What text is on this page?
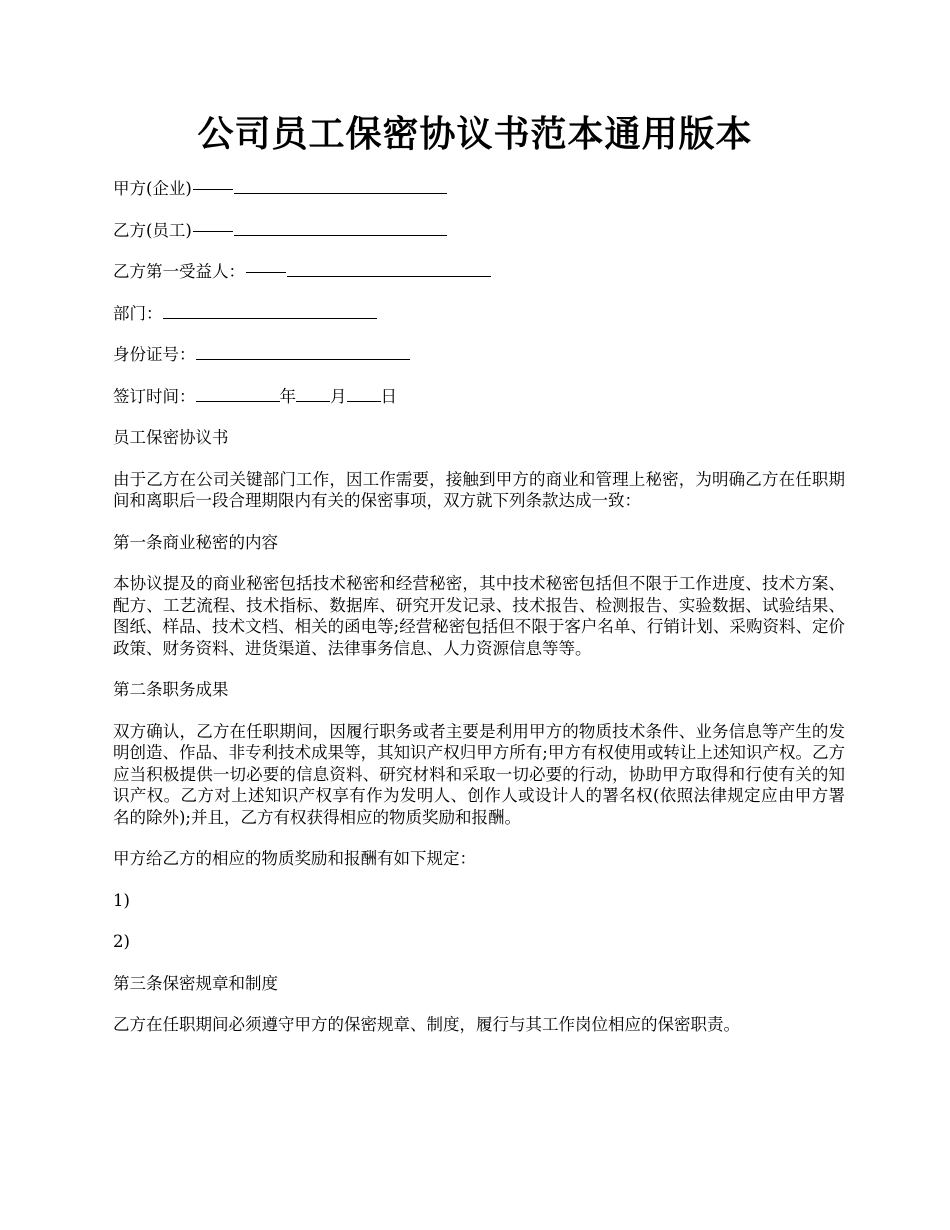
公司员工保密协议书范本通用版本
甲方(企业)
乙方(员工)
乙方第一受益人：
部门：
身份证号：
签订时间：	年 月 日

员工保密协议书

由于乙方在公司关键部门工作，因工作需要，接触到甲方的商业和管理上秘密，为明确乙方在任职期间和离职后一段合理期限内有关的保密事项，双方就下列条款达成一致：

第一条商业秘密的内容

本协议提及的商业秘密包括技术秘密和经营秘密，其中技术秘密包括但不限于工作进度、技术方案、配方、工艺流程、技术指标、数据库、研究开发记录、技术报告、检测报告、实验数据、试验结果、图纸、样品、技术文档、相关的函电等;经营秘密包括但不限于客户名单、行销计划、采购资料、定价政策、财务资料、进货渠道、法律事务信息、人力资源信息等等。

第二条职务成果

双方确认，乙方在任职期间，因履行职务或者主要是利用甲方的物质技术条件、业务信息等产生的发明创造、作品、非专利技术成果等，其知识产权归甲方所有;甲方有权使用或转让上述知识产权。乙方应当积极提供一切必要的信息资料、研究材料和采取一切必要的行动，协助甲方取得和行使有关的知识产权。乙方对上述知识产权享有作为发明人、创作人或设计人的署名权(依照法律规定应由甲方署名的除外);并且，乙方有权获得相应的物质奖励和报酬。

甲方给乙方的相应的物质奖励和报酬有如下规定：

1)

2)

第三条保密规章和制度

乙方在任职期间必须遵守甲方的保密规章、制度，履行与其工作岗位相应的保密职责。
